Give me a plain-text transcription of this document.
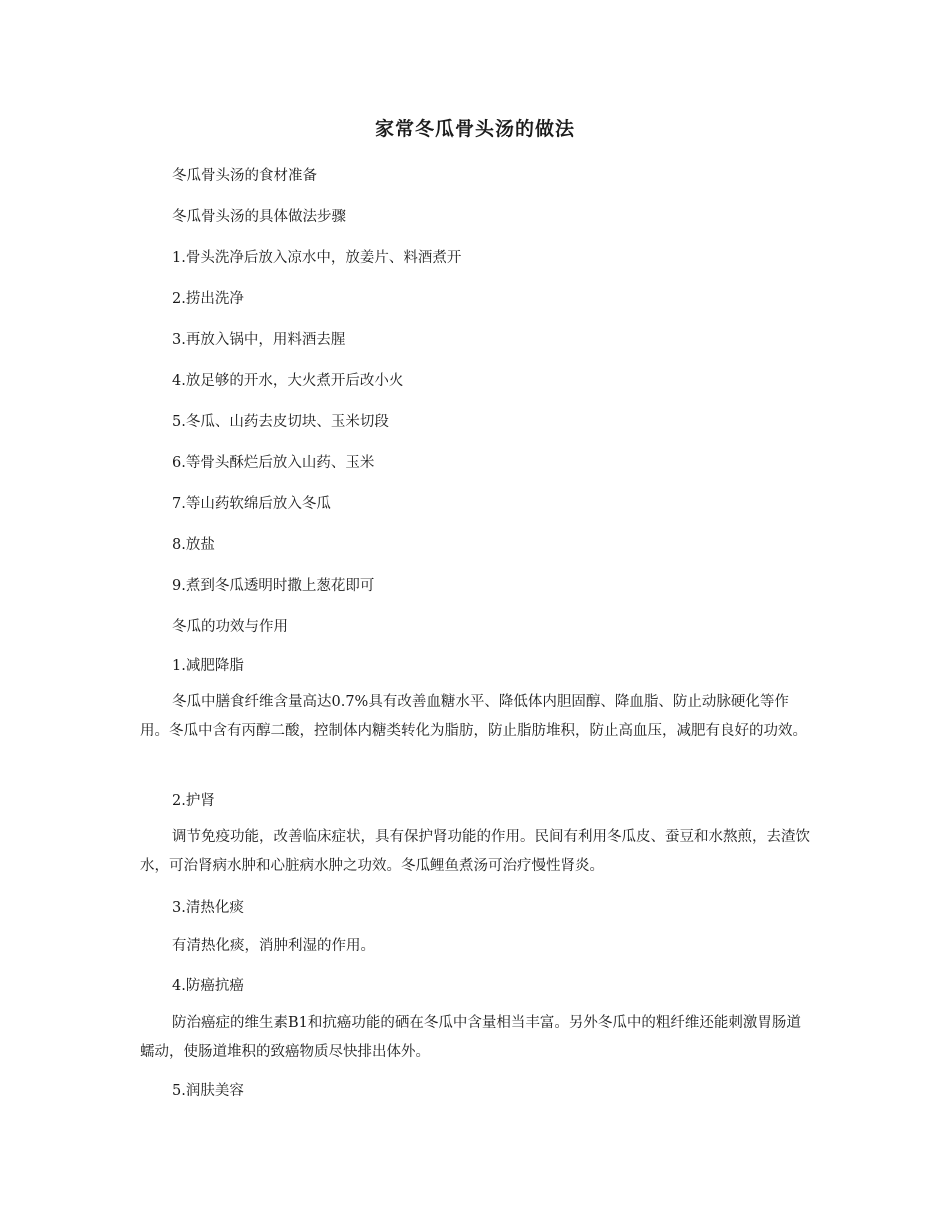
家常冬瓜骨头汤的做法
冬瓜骨头汤的食材准备
冬瓜骨头汤的具体做法步骤
1.骨头洗净后放入凉水中，放姜片、料酒煮开
2.捞出洗净
3.再放入锅中，用料酒去腥
4.放足够的开水，大火煮开后改小火
5.冬瓜、山药去皮切块、玉米切段
6.等骨头酥烂后放入山药、玉米
7.等山药软绵后放入冬瓜
8.放盐
9.煮到冬瓜透明时撒上葱花即可
冬瓜的功效与作用
1.减肥降脂
冬瓜中膳食纤维含量高达0.7%具有改善血糖水平、降低体内胆固醇、降血脂、防止动脉硬化等作用。冬瓜中含有丙醇二酸，控制体内糖类转化为脂肪，防止脂肪堆积，防止高血压，减肥有良好的功效。
2.护肾
调节免疫功能，改善临床症状，具有保护肾功能的作用。民间有利用冬瓜皮、蚕豆和水熬煎，去渣饮水，可治肾病水肿和心脏病水肿之功效。冬瓜鲤鱼煮汤可治疗慢性肾炎。
3.清热化痰
有清热化痰，消肿利湿的作用。
4.防癌抗癌
防治癌症的维生素B1和抗癌功能的硒在冬瓜中含量相当丰富。另外冬瓜中的粗纤维还能刺激胃肠道蠕动，使肠道堆积的致癌物质尽快排出体外。
5.润肤美容
